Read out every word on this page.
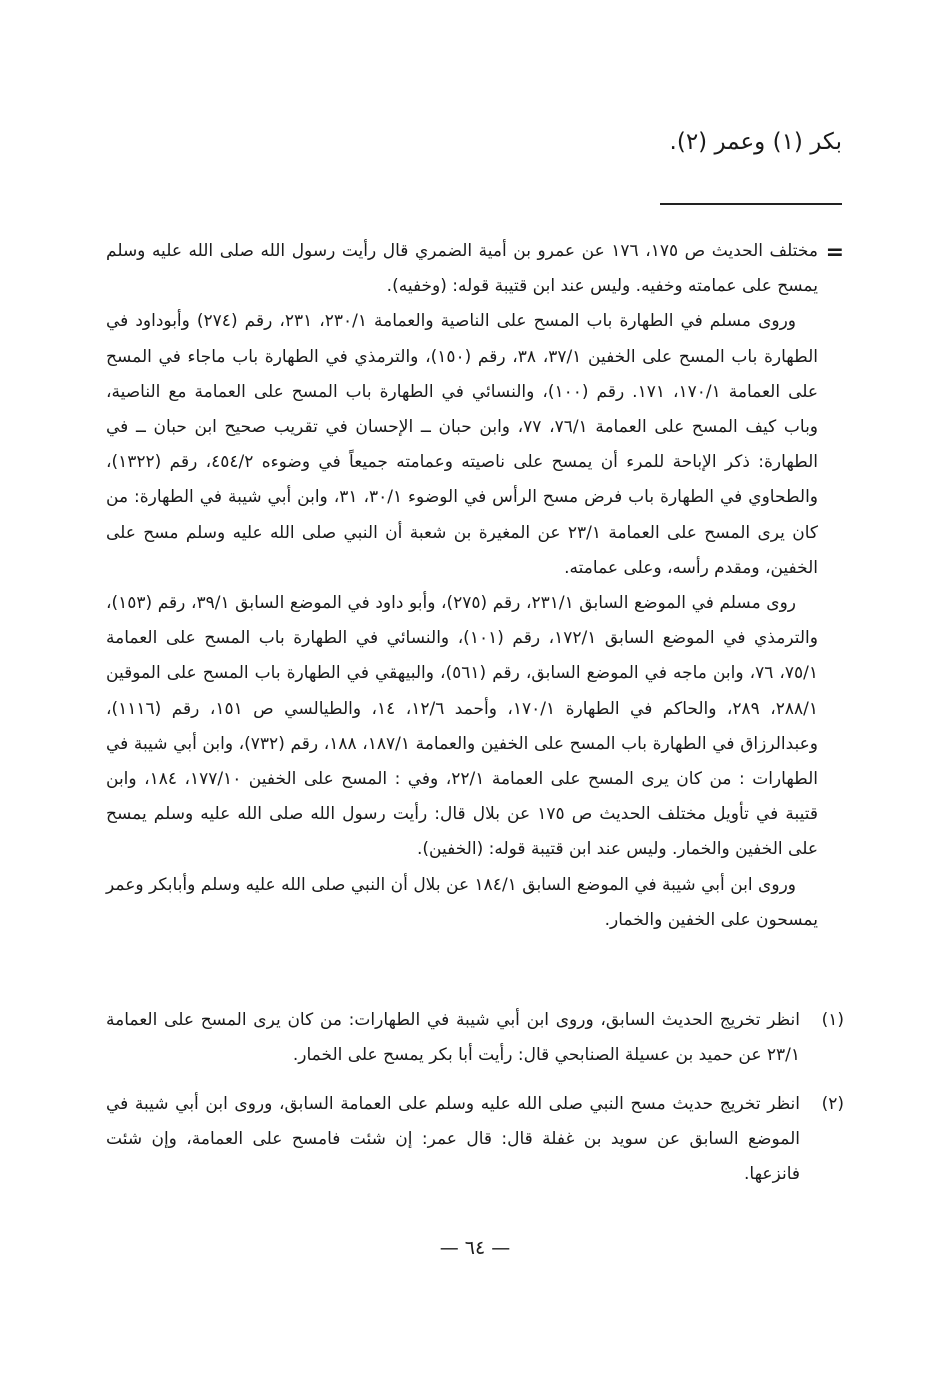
بكر (١) وعمر (٢).
=

مختلف الحديث ص ١٧٥، ١٧٦ عن عمرو بن أمية الضمري قال رأيت رسول الله صلى الله عليه وسلم يمسح على عمامته وخفيه. وليس عند ابن قتيبة قوله: (وخفيه).

وروى مسلم في الطهارة باب المسح على الناصية والعمامة ٢٣٠/١، ٢٣١، رقم (٢٧٤) وأبوداود في الطهارة باب المسح على الخفين ٣٧/١، ٣٨، رقم (١٥٠)، والترمذي في الطهارة باب ماجاء في المسح على العمامة ١٧٠/١، ١٧١. رقم (١٠٠)، والنسائي في الطهارة باب المسح على العمامة مع الناصية، وباب كيف المسح على العمامة ٧٦/١، ٧٧، وابن حبان ــ الإحسان في تقريب صحيح ابن حبان ــ في الطهارة: ذكر الإباحة للمرء أن يمسح على ناصيته وعمامته جميعاً في وضوءه ٤٥٤/٢، رقم (١٣٢٢)، والطحاوي في الطهارة باب فرض مسح الرأس في الوضوء ٣٠/١، ٣١، وابن أبي شيبة في الطهارة: من كان يرى المسح على العمامة ٢٣/١ عن المغيرة بن شعبة أن النبي صلى الله عليه وسلم مسح على الخفين، ومقدم رأسه، وعلى عمامته.

روى مسلم في الموضع السابق ٢٣١/١، رقم (٢٧٥)، وأبو داود في الموضع السابق ٣٩/١، رقم (١٥٣)، والترمذي في الموضع السابق ١٧٢/١، رقم (١٠١)، والنسائي في الطهارة باب المسح على العمامة ٧٥/١، ٧٦، وابن ماجه في الموضع السابق، رقم (٥٦١)، والبيهقي في الطهارة باب المسح على الموقين ٢٨٨/١، ٢٨٩، والحاكم في الطهارة ١٧٠/١، وأحمد ١٢/٦، ١٤، والطيالسي ص ١٥١، رقم (١١١٦)، وعبدالرزاق في الطهارة باب المسح على الخفين والعمامة ١٨٧/١، ١٨٨، رقم (٧٣٢)، وابن أبي شيبة في الطهارات : من كان يرى المسح على العمامة ٢٢/١، وفي : المسح على الخفين ١٧٧/١٠، ١٨٤، وابن قتيبة في تأويل مختلف الحديث ص ١٧٥ عن بلال قال: رأيت رسول الله صلى الله عليه وسلم يمسح على الخفين والخمار. وليس عند ابن قتيبة قوله: (الخفين).

وروى ابن أبي شيبة في الموضع السابق ١٨٤/١ عن بلال أن النبي صلى الله عليه وسلم وأبابكر وعمر يمسحون على الخفين والخمار.

(١)
انظر تخريج الحديث السابق، وروى ابن أبي شيبة في الطهارات: من كان يرى المسح على العمامة ٢٣/١ عن حميد بن عسيلة الصنابحي قال: رأيت أبا بكر يمسح على الخمار.
(٢)
انظر تخريج حديث مسح النبي صلى الله عليه وسلم على العمامة السابق، وروى ابن أبي شيبة في الموضع السابق عن سويد بن غفلة قال: قال عمر: إن شئت فامسح على العمامة، وإن شئت فانزعها.
— ٦٤ —
